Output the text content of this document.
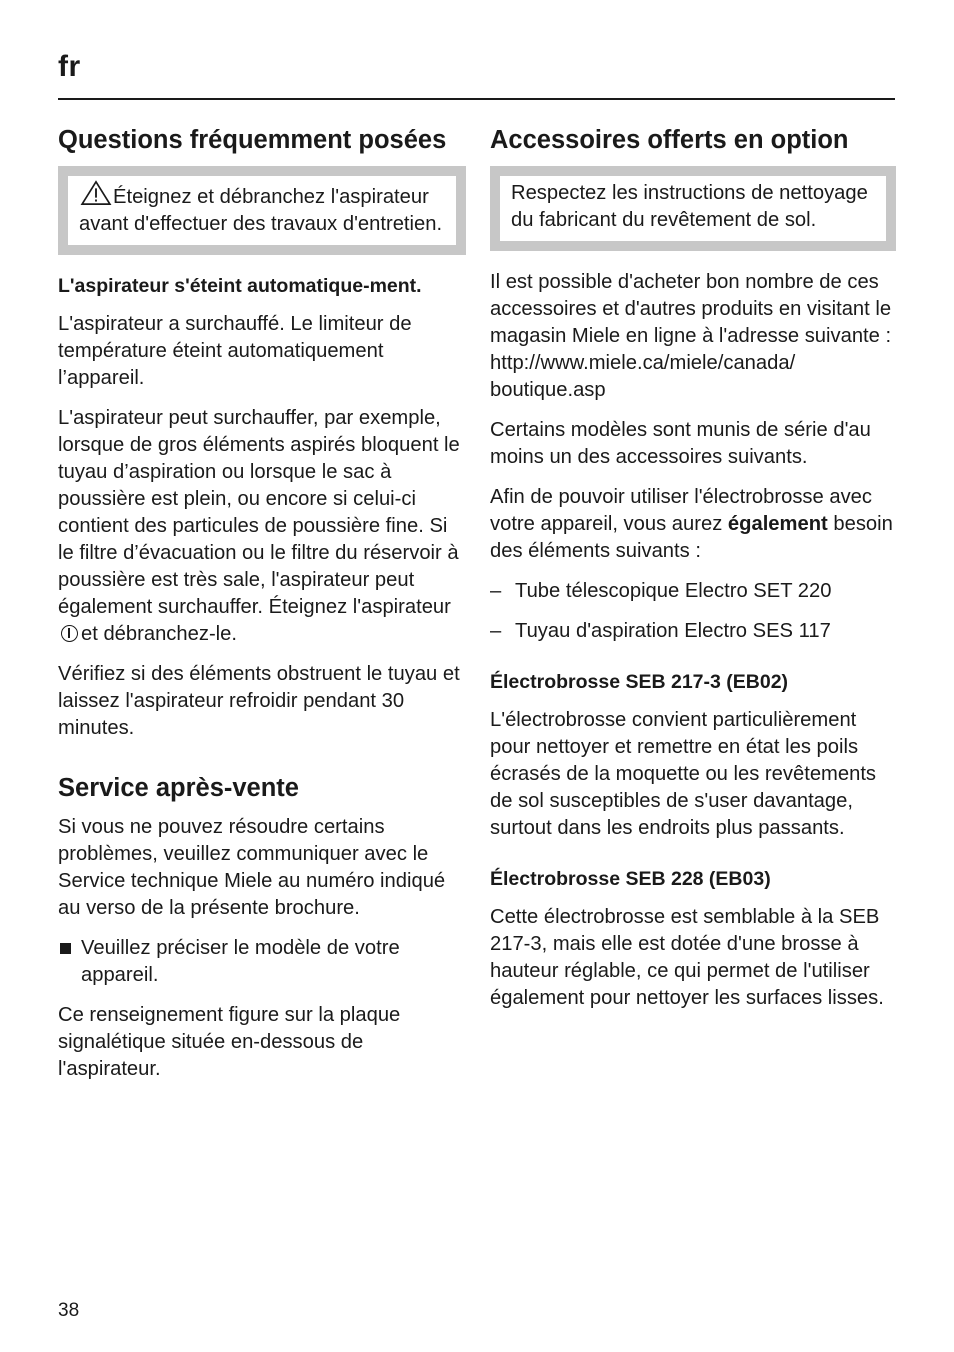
fr
Questions fréquemment posées

Éteignez et débranchez l'aspirateur avant d'effectuer des travaux d'entretien.

L'aspirateur s'éteint automatique-ment.

L'aspirateur a surchauffé. Le limiteur de température éteint automatiquement l’appareil.

L'aspirateur peut surchauffer, par exemple, lorsque de gros éléments aspirés bloquent le tuyau d’aspiration ou lorsque le sac à poussière est plein, ou encore si celui-ci contient des particules de poussière fine. Si le filtre d’évacuation ou le filtre du réservoir à poussière est très sale, l'aspirateur peut également surchauffer. Éteignez l'aspirateuret débranchez-le.

Vérifiez si des éléments obstruent le tuyau et laissez l'aspirateur refroidir pendant 30 minutes.

Service après-vente

Si vous ne pouvez résoudre certains problèmes, veuillez communiquer avec le Service technique Miele au numéro indiqué au verso de la présente brochure.

Veuillez préciser le modèle de votre appareil.

Ce renseignement figure sur la plaque signalétique située en-dessous de l'aspirateur.

Accessoires offerts en option

Respectez les instructions de nettoyage du fabricant du revêtement de sol.

Il est possible d'acheter bon nombre de ces accessoires et d'autres produits en visitant le magasin Miele en ligne à l'adresse suivante : http://www.miele.ca/miele/canada/ boutique.asp

Certains modèles sont munis de série d'au moins un des accessoires suivants.

Afin de pouvoir utiliser l'électrobrosse avec votre appareil, vous aurez également besoin des éléments suivants :

– Tube télescopique Electro SET 220

– Tuyau d'aspiration Electro SES 117

Électrobrosse SEB 217-3 (EB02)

L'électrobrosse convient particulièrement pour nettoyer et remettre en état les poils écrasés de la moquette ou les revêtements de sol susceptibles de s'user davantage, surtout dans les endroits plus passants.

Électrobrosse SEB 228 (EB03)

Cette électrobrosse est semblable à la SEB 217-3, mais elle est dotée d'une brosse à hauteur réglable, ce qui permet de l'utiliser également pour nettoyer les surfaces lisses.

38
